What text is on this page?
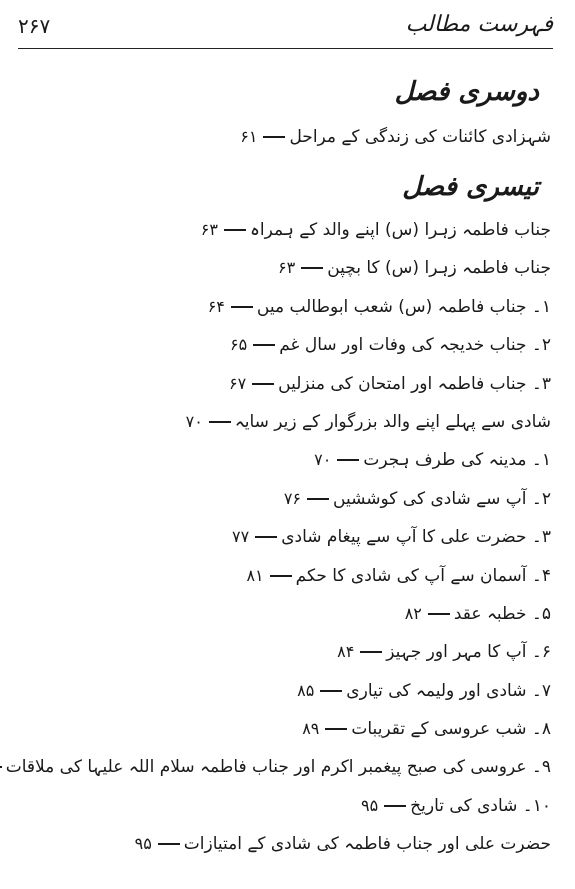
فہرست مطالب
۲۶۷
دوسری فصل
شہزادی کائنات کی زندگی کے مراحل۶۱
تیسری فصل
جناب فاطمہ زہرا (س) اپنے والد کے ہمراہ۶۳
جناب فاطمہ زہرا (س) کا بچپن۶۳
۱۔ جناب فاطمہ (س) شعب ابوطالب میں۶۴
۲۔ جناب خدیجہ کی وفات اور سال غم۶۵
۳۔ جناب فاطمہ اور امتحان کی منزلیں۶۷
شادی سے پہلے اپنے والد بزرگوار کے زیر سایہ۷۰
۱۔ مدینہ کی طرف ہجرت۷۰
۲۔ آپ سے شادی کی کوششیں۷۶
۳۔ حضرت علی کا آپ سے پیغام شادی۷۷
۴۔ آسمان سے آپ کی شادی کا حکم۸۱
۵۔ خطبہ عقد۸۲
۶۔ آپ کا مہر اور جہیز۸۴
۷۔ شادی اور ولیمہ کی تیاری۸۵
۸۔ شب عروسی کے تقریبات۸۹
۹۔ عروسی کی صبح پیغمبر اکرم اور جناب فاطمہ سلام اللہ علیہا کی ملاقات
۱۰۔ شادی کی تاریخ۹۵
حضرت علی اور جناب فاطمہ کی شادی کے امتیازات۹۵
